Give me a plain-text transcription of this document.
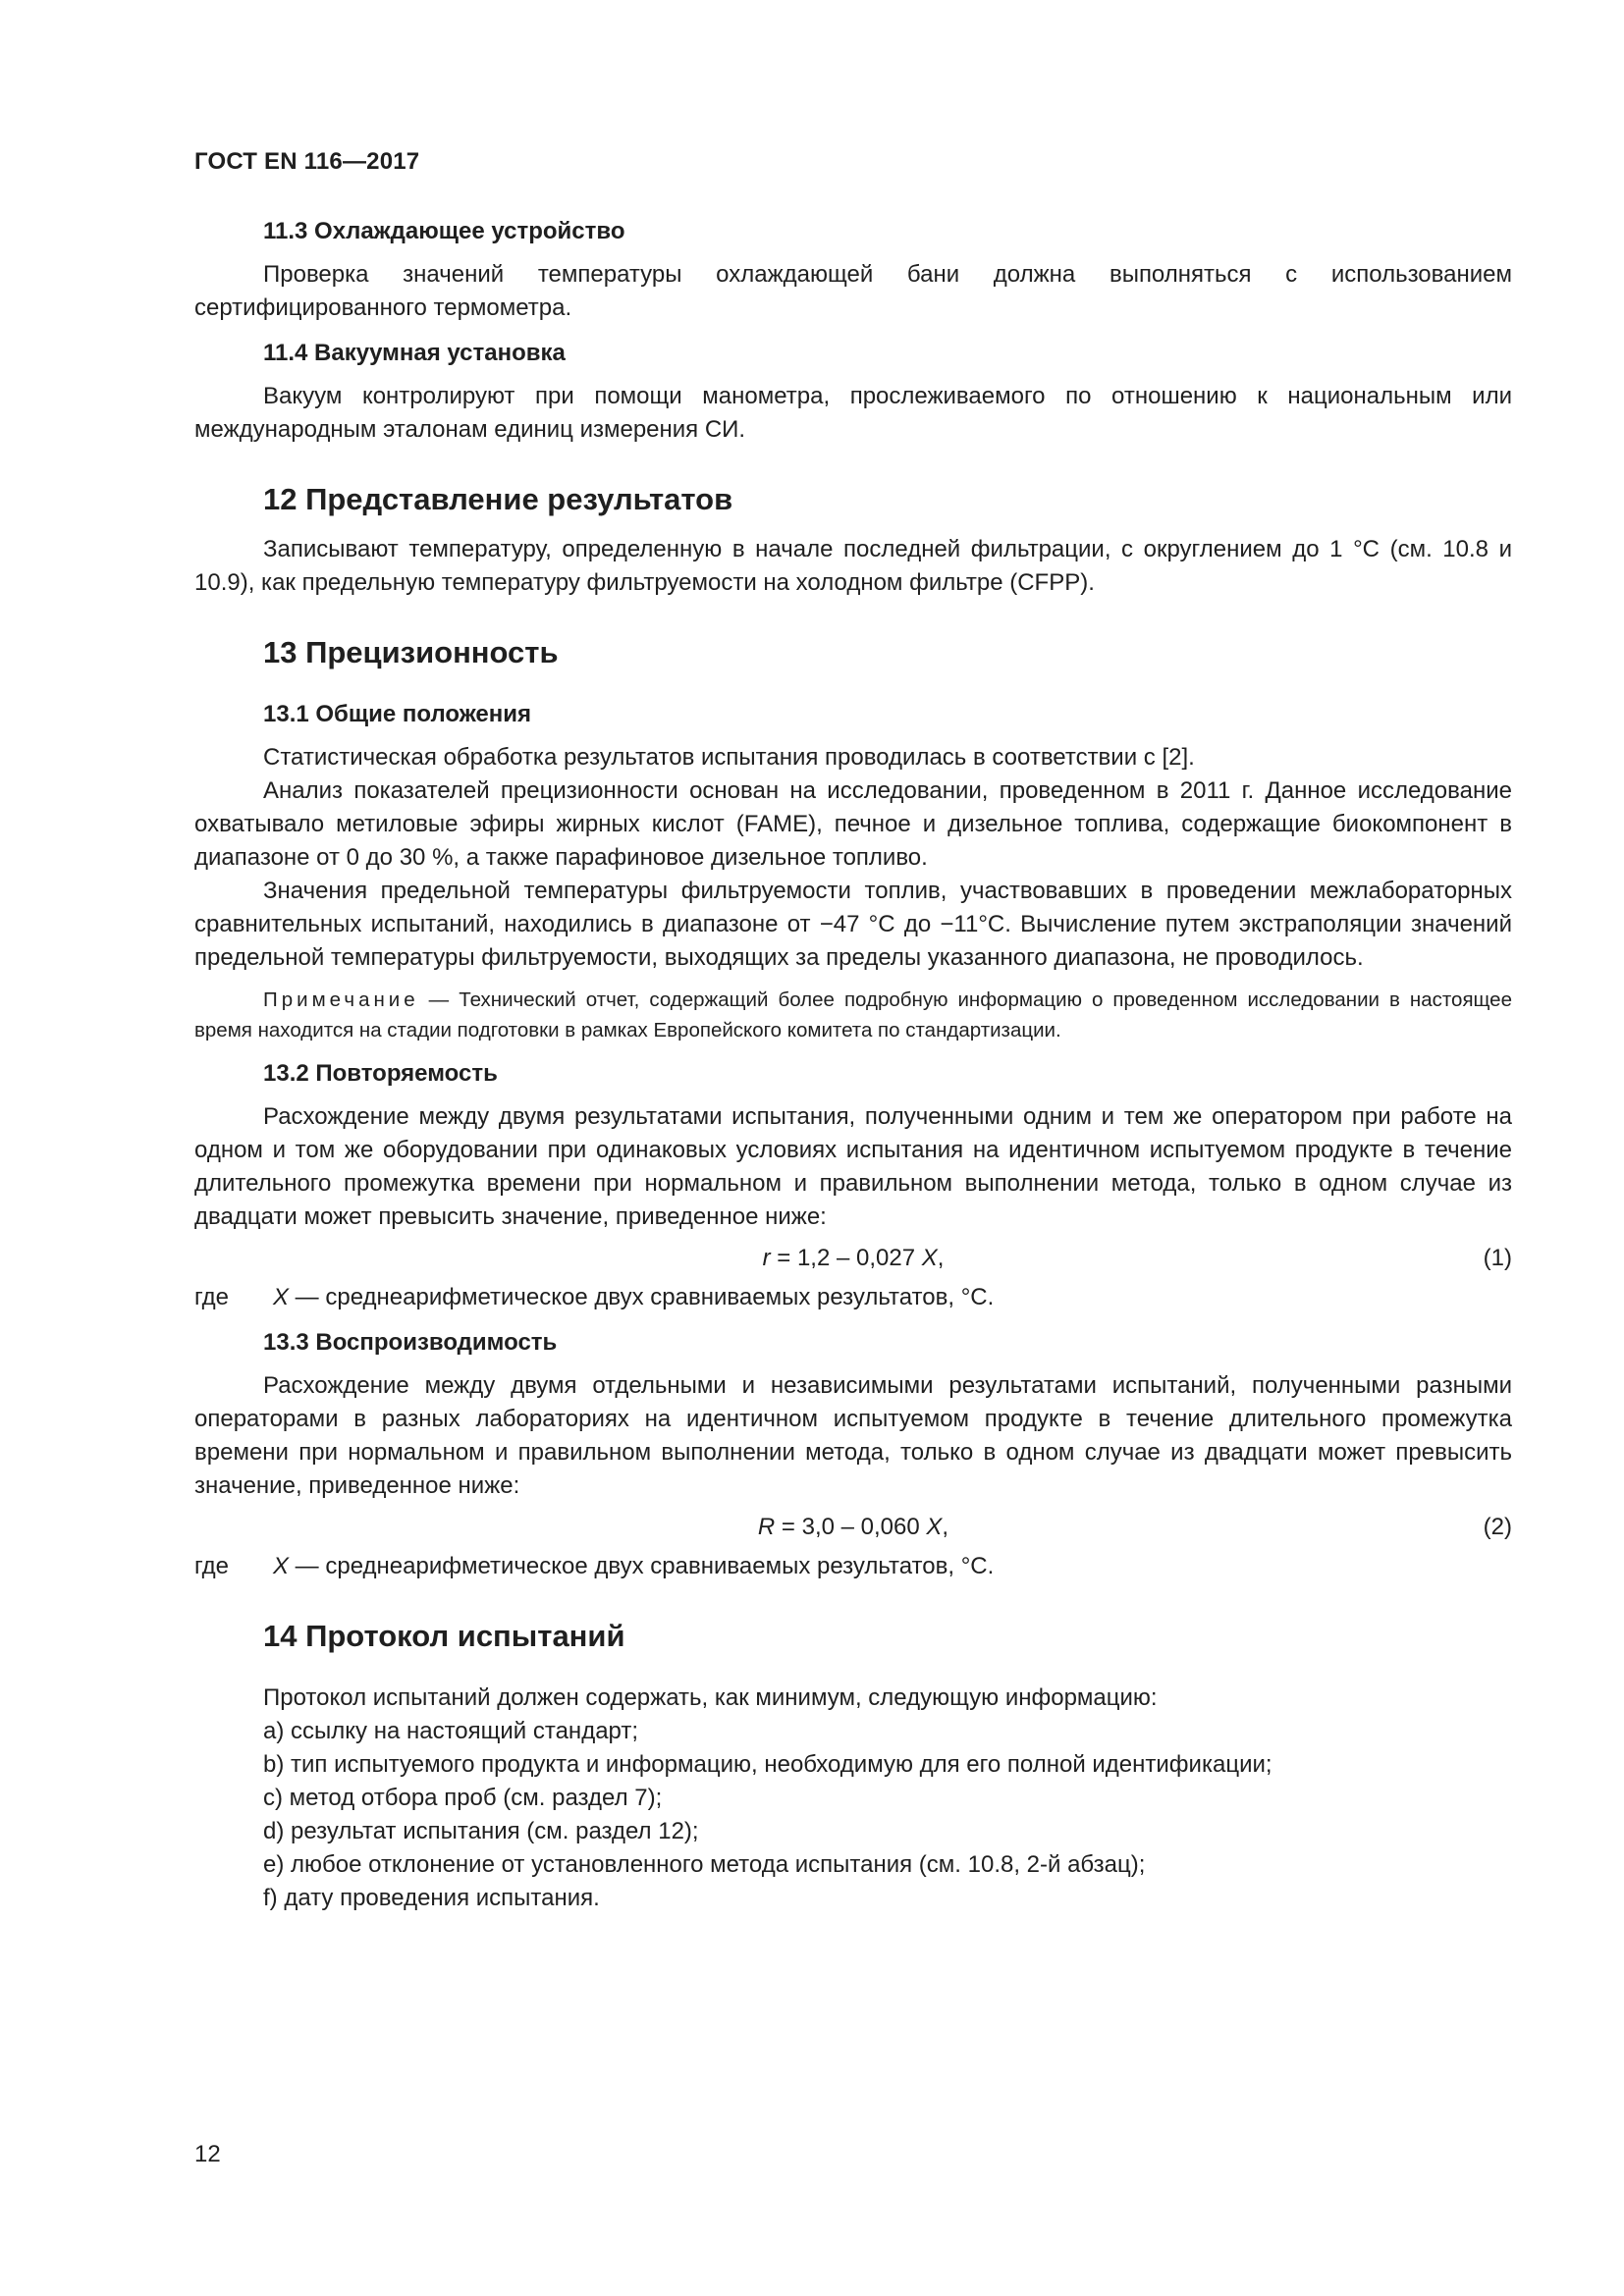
ГОСТ EN 116—2017
11.3 Охлаждающее устройство

Проверка значений температуры охлаждающей бани должна выполняться с использованием сертифицированного термометра.

11.4 Вакуумная установка

Вакуум контролируют при помощи манометра, прослеживаемого по отношению к национальным или международным эталонам единиц измерения СИ.

12 Представление результатов

Записывают температуру, определенную в начале последней фильтрации, с округлением до 1 °С (см. 10.8 и 10.9), как предельную температуру фильтруемости на холодном фильтре (CFPP).

13 Прецизионность
13.1 Общие положения

Статистическая обработка результатов испытания проводилась в соответствии с [2].

Анализ показателей прецизионности основан на исследовании, проведенном в 2011 г. Данное исследование охватывало метиловые эфиры жирных кислот (FAME), печное и дизельное топлива, содержащие биокомпонент в диапазоне от 0 до 30 %, а также парафиновое дизельное топливо.

Значения предельной температуры фильтруемости топлив, участвовавших в проведении межлабораторных сравнительных испытаний, находились в диапазоне от −47 °С до −11°С. Вычисление путем экстраполяции значений предельной температуры фильтруемости, выходящих за пределы указанного диапазона, не проводилось.

Примечание — Технический отчет, содержащий более подробную информацию о проведенном исследовании в настоящее время находится на стадии подготовки в рамках Европейского комитета по стандартизации.

13.2 Повторяемость

Расхождение между двумя результатами испытания, полученными одним и тем же оператором при работе на одном и том же оборудовании при одинаковых условиях испытания на идентичном испытуемом продукте в течение длительного промежутка времени при нормальном и правильном выполнении метода, только в одном случае из двадцати может превысить значение, приведенное ниже:

r = 1,2 – 0,027 X,	(1)
где	X — среднеарифметическое двух сравниваемых результатов, °С.
13.3 Воспроизводимость

Расхождение между двумя отдельными и независимыми результатами испытаний, полученными разными операторами в разных лабораториях на идентичном испытуемом продукте в течение длительного промежутка времени при нормальном и правильном выполнении метода, только в одном случае из двадцати может превысить значение, приведенное ниже:

R = 3,0 – 0,060 X,	(2)
где	X — среднеарифметическое двух сравниваемых результатов, °С.
14 Протокол испытаний

Протокол испытаний должен содержать, как минимум, следующую информацию:

a) ссылку на настоящий стандарт;
b) тип испытуемого продукта и информацию, необходимую для его полной идентификации;
c) метод отбора проб (см. раздел 7);
d) результат испытания (см. раздел 12);
e) любое отклонение от установленного метода испытания (см. 10.8, 2-й абзац);
f) дату проведения испытания.
12
